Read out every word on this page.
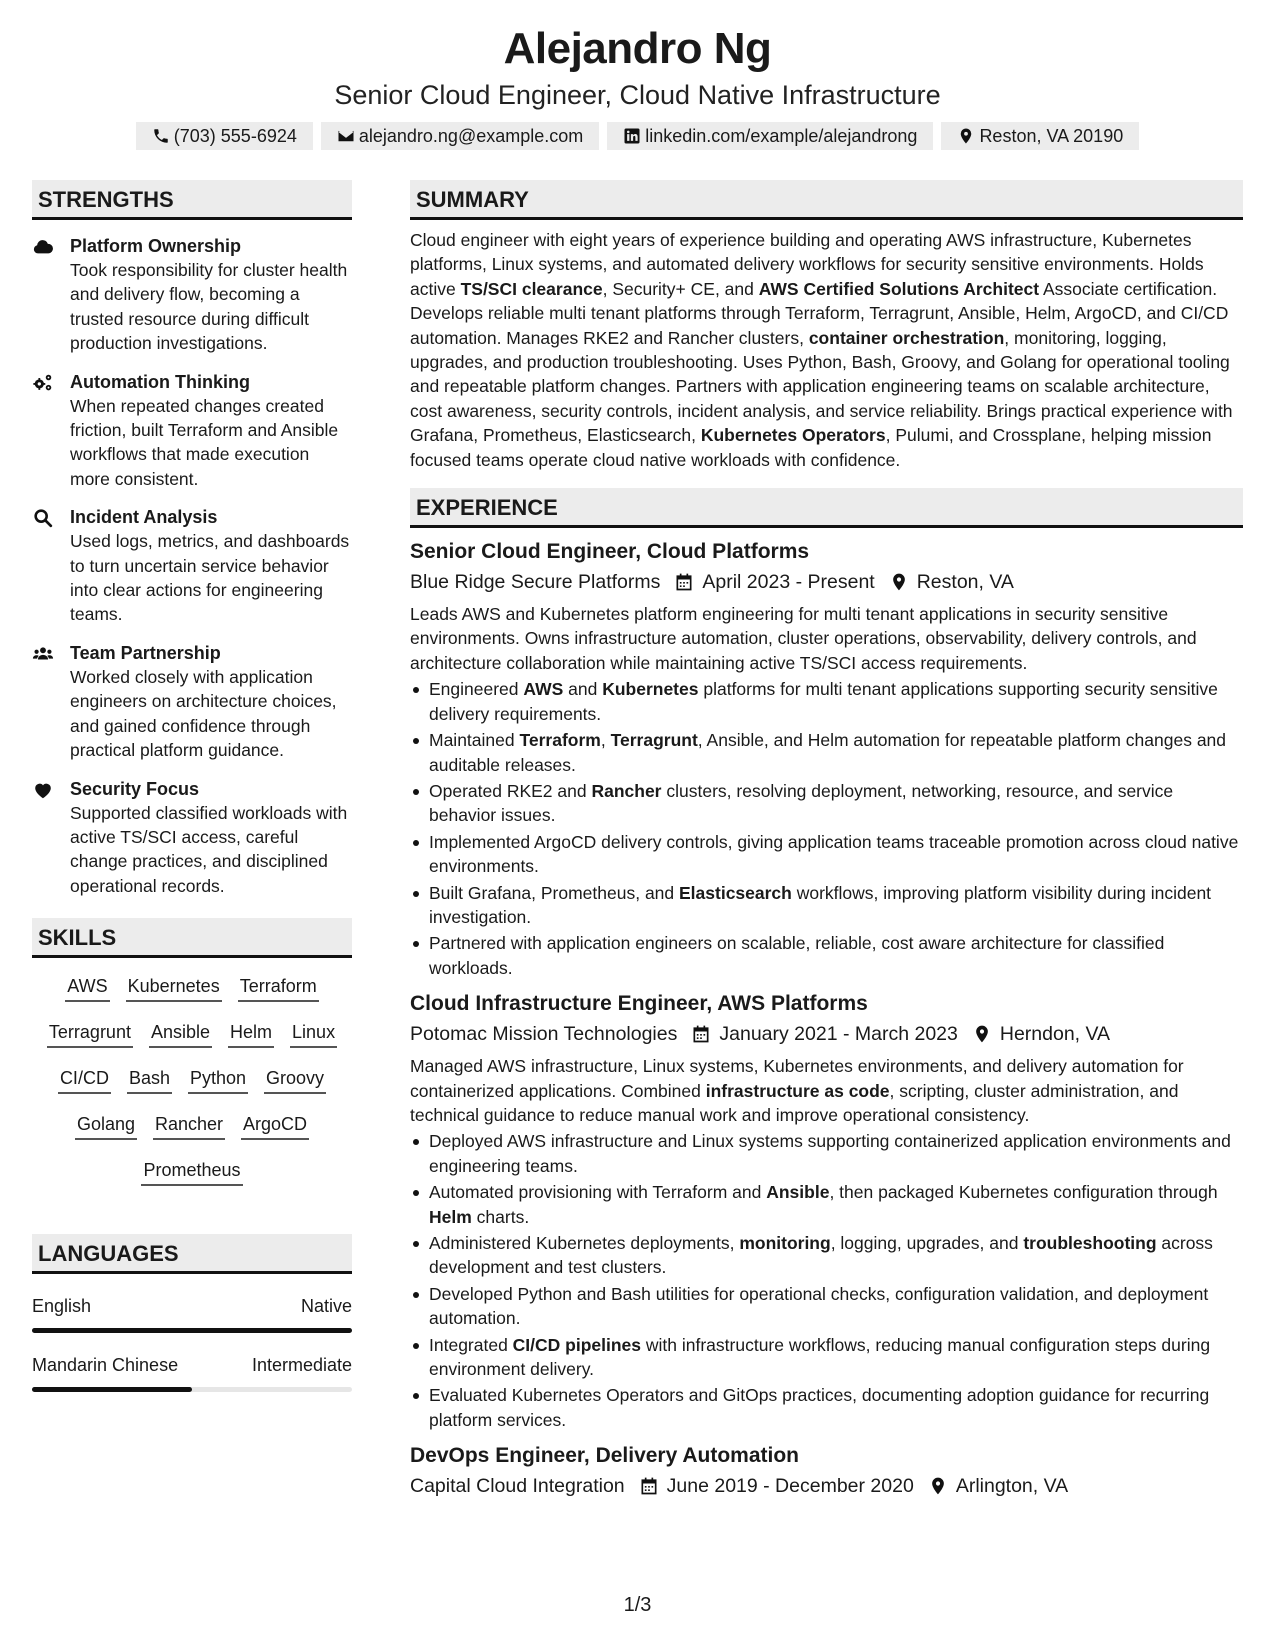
Alejandro Ng
Senior Cloud Engineer, Cloud Native Infrastructure
(703) 555-6924	alejandro.ng@example.com	linkedin.com/example/alejandrong	Reston, VA 20190
STRENGTHS
Platform Ownership
Took responsibility for cluster health and delivery flow, becoming a trusted resource during difficult production investigations.
Automation Thinking
When repeated changes created friction, built Terraform and Ansible workflows that made execution more consistent.
Incident Analysis
Used logs, metrics, and dashboards to turn uncertain service behavior into clear actions for engineering teams.
Team Partnership
Worked closely with application engineers on architecture choices, and gained confidence through practical platform guidance.
Security Focus
Supported classified workloads with active TS/SCI access, careful change practices, and disciplined operational records.
SKILLS
AWS Kubernetes Terraform
Terragrunt Ansible Helm Linux
CI/CD Bash Python Groovy
Golang Rancher ArgoCD
Prometheus
LANGUAGES
English	Native
Mandarin Chinese	Intermediate
SUMMARY
Cloud engineer with eight years of experience building and operating AWS infrastructure, Kubernetes platforms, Linux systems, and automated delivery workflows for security sensitive environments. Holds active TS/SCI clearance, Security+ CE, and AWS Certified Solutions Architect Associate certification. Develops reliable multi tenant platforms through Terraform, Terragrunt, Ansible, Helm, ArgoCD, and CI/CD automation. Manages RKE2 and Rancher clusters, container orchestration, monitoring, logging, upgrades, and production troubleshooting. Uses Python, Bash, Groovy, and Golang for operational tooling and repeatable platform changes. Partners with application engineering teams on scalable architecture, cost awareness, security controls, incident analysis, and service reliability. Brings practical experience with Grafana, Prometheus, Elasticsearch, Kubernetes Operators, Pulumi, and Crossplane, helping mission focused teams operate cloud native workloads with confidence.
EXPERIENCE
Senior Cloud Engineer, Cloud Platforms
Blue Ridge Secure Platforms April 2023 - Present Reston, VA
Leads AWS and Kubernetes platform engineering for multi tenant applications in security sensitive environments. Owns infrastructure automation, cluster operations, observability, delivery controls, and architecture collaboration while maintaining active TS/SCI access requirements.
Engineered AWS and Kubernetes platforms for multi tenant applications supporting security sensitive delivery requirements.
Maintained Terraform, Terragrunt, Ansible, and Helm automation for repeatable platform changes and auditable releases.
Operated RKE2 and Rancher clusters, resolving deployment, networking, resource, and service behavior issues.
Implemented ArgoCD delivery controls, giving application teams traceable promotion across cloud native environments.
Built Grafana, Prometheus, and Elasticsearch workflows, improving platform visibility during incident investigation.
Partnered with application engineers on scalable, reliable, cost aware architecture for classified workloads.
Cloud Infrastructure Engineer, AWS Platforms
Potomac Mission Technologies January 2021 - March 2023 Herndon, VA
Managed AWS infrastructure, Linux systems, Kubernetes environments, and delivery automation for containerized applications. Combined infrastructure as code, scripting, cluster administration, and technical guidance to reduce manual work and improve operational consistency.
Deployed AWS infrastructure and Linux systems supporting containerized application environments and engineering teams.
Automated provisioning with Terraform and Ansible, then packaged Kubernetes configuration through Helm charts.
Administered Kubernetes deployments, monitoring, logging, upgrades, and troubleshooting across development and test clusters.
Developed Python and Bash utilities for operational checks, configuration validation, and deployment automation.
Integrated CI/CD pipelines with infrastructure workflows, reducing manual configuration steps during environment delivery.
Evaluated Kubernetes Operators and GitOps practices, documenting adoption guidance for recurring platform services.
DevOps Engineer, Delivery Automation
Capital Cloud Integration June 2019 - December 2020 Arlington, VA
1/3
